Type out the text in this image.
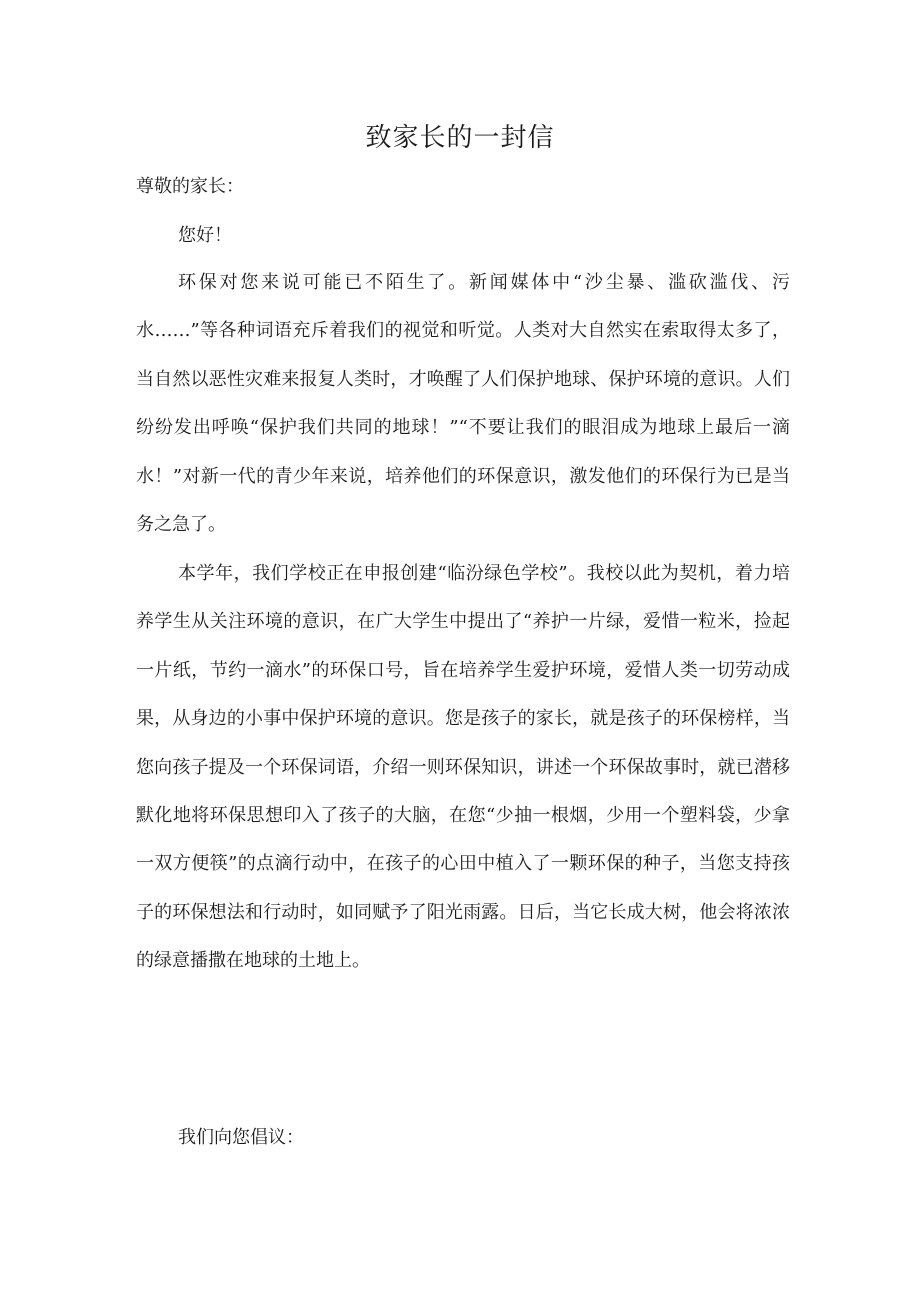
致家长的一封信
尊敬的家长：
您好！

环保对您来说可能已不陌生了。新闻媒体中“沙尘暴、滥砍滥伐、污水……”等各种词语充斥着我们的视觉和听觉。人类对大自然实在索取得太多了，当自然以恶性灾难来报复人类时，才唤醒了人们保护地球、保护环境的意识。人们纷纷发出呼唤“保护我们共同的地球！”“不要让我们的眼泪成为地球上最后一滴水！”对新一代的青少年来说，培养他们的环保意识，激发他们的环保行为已是当务之急了。

本学年，我们学校正在申报创建“临汾绿色学校”。我校以此为契机，着力培养学生从关注环境的意识，在广大学生中提出了“养护一片绿，爱惜一粒米，捡起一片纸，节约一滴水”的环保口号，旨在培养学生爱护环境，爱惜人类一切劳动成果，从身边的小事中保护环境的意识。您是孩子的家长，就是孩子的环保榜样，当您向孩子提及一个环保词语，介绍一则环保知识，讲述一个环保故事时，就已潜移默化地将环保思想印入了孩子的大脑，在您“少抽一根烟，少用一个塑料袋，少拿一双方便筷”的点滴行动中，在孩子的心田中植入了一颗环保的种子，当您支持孩子的环保想法和行动时，如同赋予了阳光雨露。日后，当它长成大树，他会将浓浓的绿意播撒在地球的土地上。

我们向您倡议：
